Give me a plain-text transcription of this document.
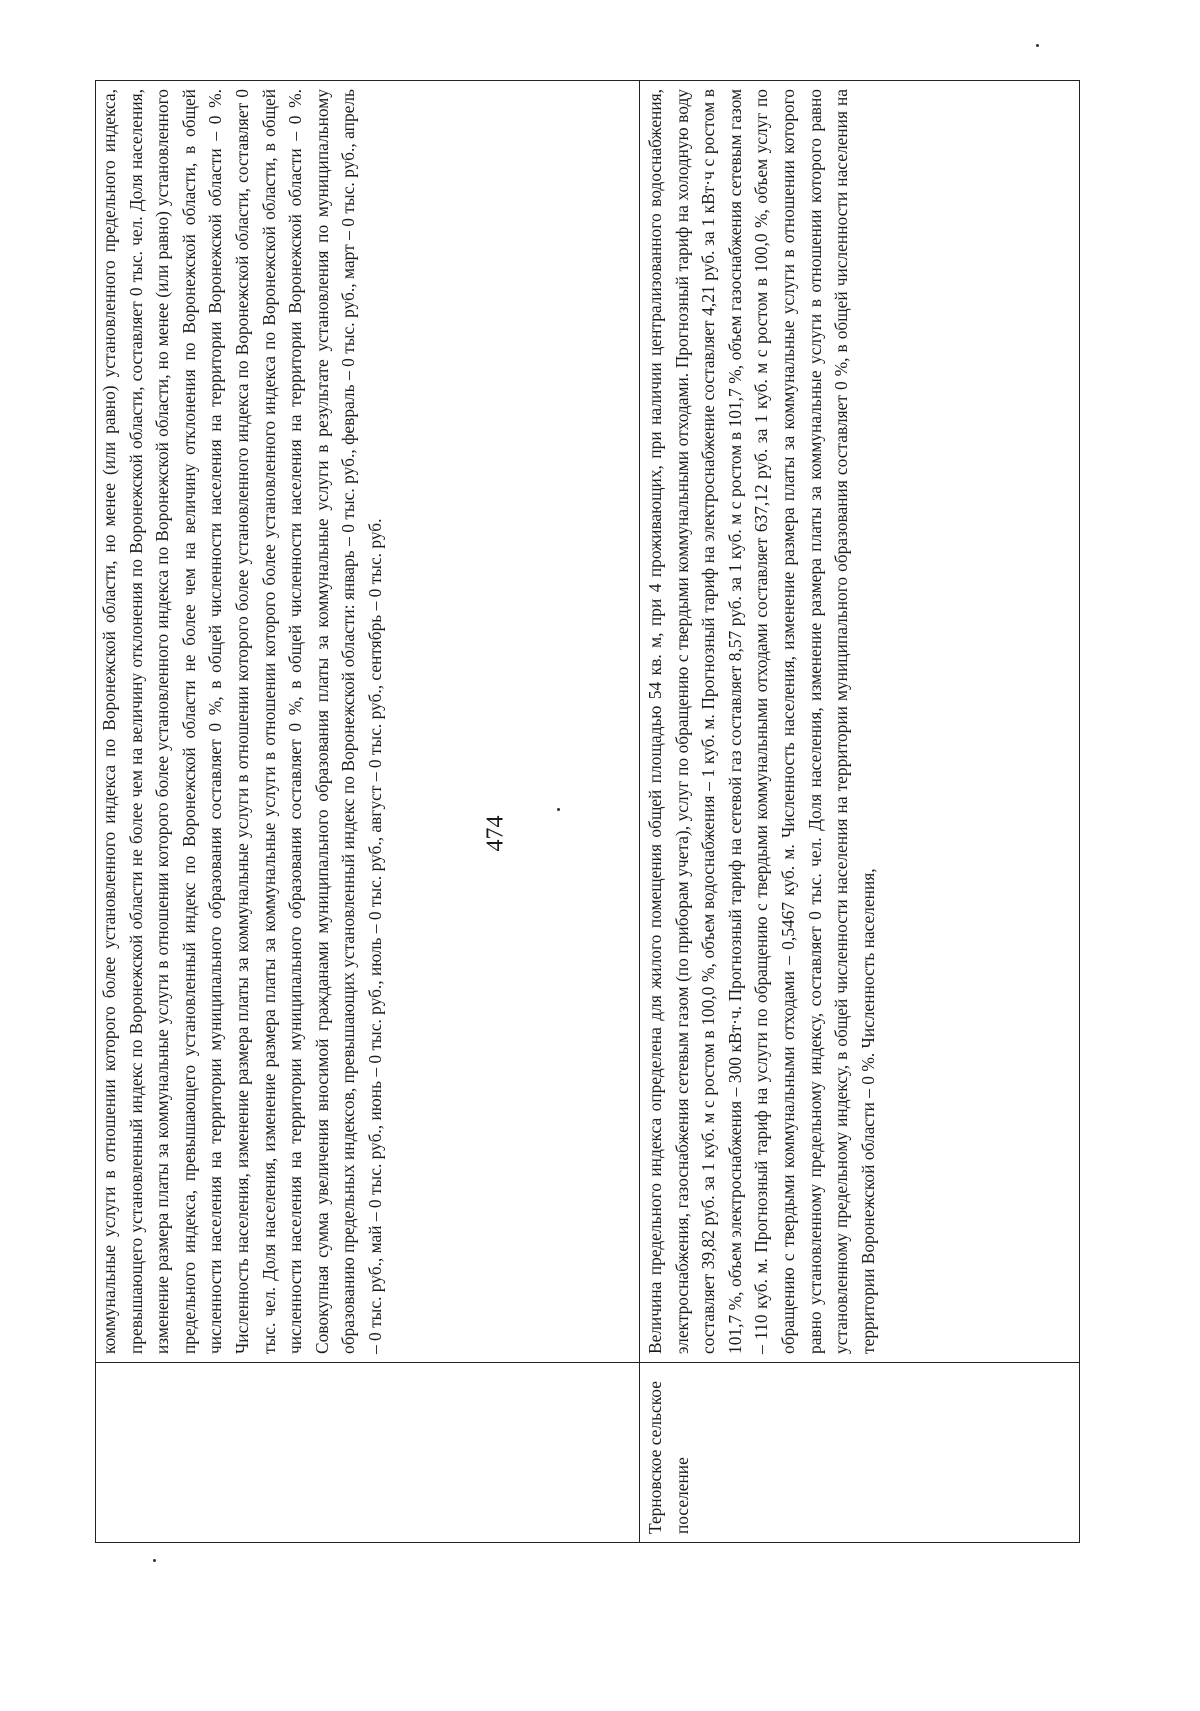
474
	коммунальные услуги в отношении которого более установленного индекса по Воронежской области, но менее (или равно) установленного предельного индекса, превышающего установленный индекс по Воронежской области не более чем на величину отклонения по Воронежской области, составляет 0 тыс. чел. Доля населения, изменение размера платы за коммунальные услуги в отношении которого более установленного индекса по Воронежской области, но менее (или равно) установленного предельного индекса, превышающего установленный индекс по Воронежской области не более чем на величину отклонения по Воронежской области, в общей численности населения на территории муниципального образования составляет 0 %, в общей численности населения на территории Воронежской области – 0 %. Численность населения, изменение размера платы за коммунальные услуги в отношении которого более установленного индекса по Воронежской области, составляет 0 тыс. чел. Доля населения, изменение размера платы за коммунальные услуги в отношении которого более установленного индекса по Воронежской области, в общей численности населения на территории муниципального образования составляет 0 %, в общей численности населения на территории Воронежской области – 0 %. Совокупная сумма увеличения вносимой гражданами муниципального образования платы за коммунальные услуги в результате установления по муниципальному образованию предельных индексов, превышающих установленный индекс по Воронежской области: январь – 0 тыс. руб., февраль – 0 тыс. руб., март – 0 тыс. руб., апрель – 0 тыс. руб., май – 0 тыс. руб., июнь – 0 тыс. руб., июль – 0 тыс. руб., август – 0 тыс. руб., сентябрь – 0 тыс. руб.
Терновское сельское поселение	Величина предельного индекса определена для жилого помещения общей площадью 54 кв. м, при 4 проживающих, при наличии централизованного водоснабжения, электроснабжения, газоснабжения сетевым газом (по приборам учета), услуг по обращению с твердыми коммунальными отходами. Прогнозный тариф на холодную воду составляет 39,82 руб. за 1 куб. м с ростом в 100,0 %, объем водоснабжения – 1 куб. м. Прогнозный тариф на электроснабжение составляет 4,21 руб. за 1 кВт·ч с ростом в 101,7 %, объем электроснабжения – 300 кВт·ч. Прогнозный тариф на сетевой газ составляет 8,57 руб. за 1 куб. м с ростом в 101,7 %, объем газоснабжения сетевым газом – 110 куб. м. Прогнозный тариф на услуги по обращению с твердыми коммунальными отходами составляет 637,12 руб. за 1 куб. м с ростом в 100,0 %, объем услуг по обращению с твердыми коммунальными отходами – 0,5467 куб. м. Численность населения, изменение размера платы за коммунальные услуги в отношении которого равно установленному предельному индексу, составляет 0 тыс. чел. Доля населения, изменение размера платы за коммунальные услуги в отношении которого равно установленному предельному индексу, в общей численности населения на территории муниципального образования составляет 0 %, в общей численности населения на территории Воронежской области – 0 %. Численность населения,
